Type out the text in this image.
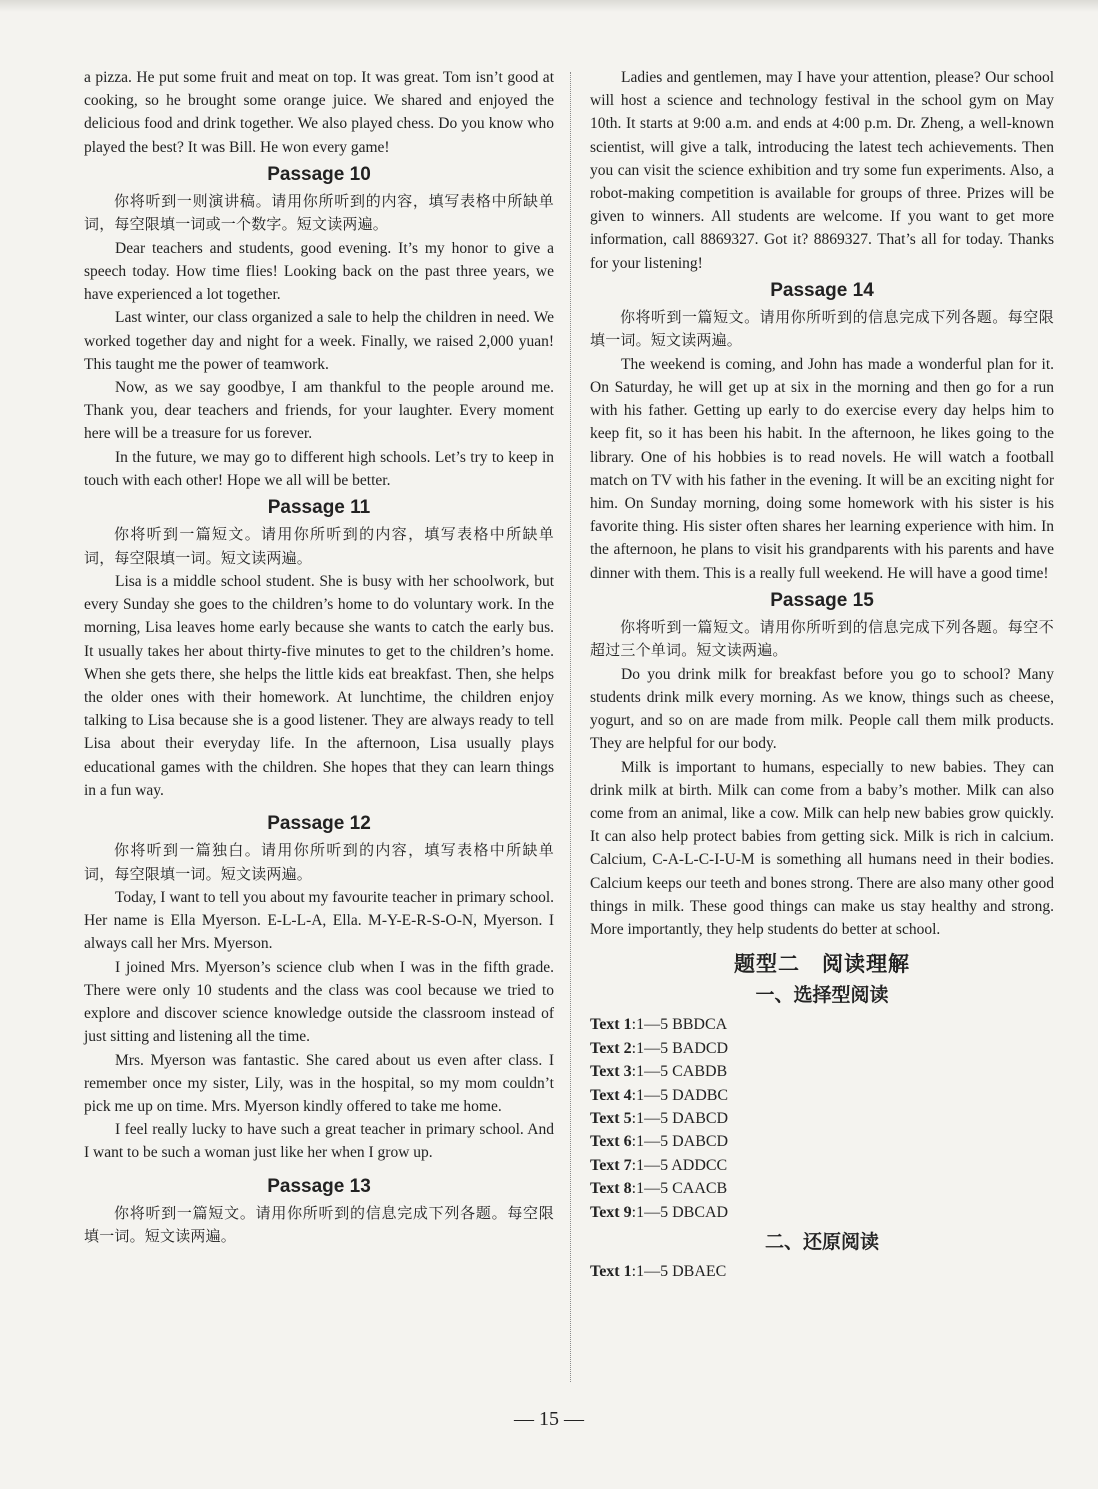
a pizza. He put some fruit and meat on top. It was great. Tom isn’t good at cooking, so he brought some orange juice. We shared and enjoyed the delicious food and drink together. We also played chess. Do you know who played the best? It was Bill. He won every game!

Passage 10

你将听到一则演讲稿。请用你所听到的内容，填写表格中所缺单词，每空限填一词或一个数字。短文读两遍。

Dear teachers and students, good evening. It’s my honor to give a speech today. How time flies! Looking back on the past three years, we have experienced a lot together.

Last winter, our class organized a sale to help the children in need. We worked together day and night for a week. Finally, we raised 2,000 yuan! This taught me the power of teamwork.

Now, as we say goodbye, I am thankful to the people around me. Thank you, dear teachers and friends, for your laughter. Every moment here will be a treasure for us forever.

In the future, we may go to different high schools. Let’s try to keep in touch with each other! Hope we all will be better.

Passage 11

你将听到一篇短文。请用你所听到的内容，填写表格中所缺单词，每空限填一词。短文读两遍。

Lisa is a middle school student. She is busy with her schoolwork, but every Sunday she goes to the children’s home to do voluntary work. In the morning, Lisa leaves home early because she wants to catch the early bus. It usually takes her about thirty-five minutes to get to the children’s home. When she gets there, she helps the little kids eat breakfast. Then, she helps the older ones with their homework. At lunchtime, the children enjoy talking to Lisa because she is a good listener. They are always ready to tell Lisa about their everyday life. In the afternoon, Lisa usually plays educational games with the children. She hopes that they can learn things in a fun way.

Passage 12

你将听到一篇独白。请用你所听到的内容，填写表格中所缺单词，每空限填一词。短文读两遍。

Today, I want to tell you about my favourite teacher in primary school. Her name is Ella Myerson. E-L-L-A, Ella. M-Y-E-R-S-O-N, Myerson. I always call her Mrs. Myerson.

I joined Mrs. Myerson’s science club when I was in the fifth grade. There were only 10 students and the class was cool because we tried to explore and discover science knowledge outside the classroom instead of just sitting and listening all the time.

Mrs. Myerson was fantastic. She cared about us even after class. I remember once my sister, Lily, was in the hospital, so my mom couldn’t pick me up on time. Mrs. Myerson kindly offered to take me home.

I feel really lucky to have such a great teacher in primary school. And I want to be such a woman just like her when I grow up.

Passage 13

你将听到一篇短文。请用你所听到的信息完成下列各题。每空限填一词。短文读两遍。

Ladies and gentlemen, may I have your attention, please? Our school will host a science and technology festival in the school gym on May 10th. It starts at 9:00 a.m. and ends at 4:00 p.m. Dr. Zheng, a well-known scientist, will give a talk, introducing the latest tech achievements. Then you can visit the science exhibition and try some fun experiments. Also, a robot-making competition is available for groups of three. Prizes will be given to winners. All students are welcome. If you want to get more information, call 8869327. Got it? 8869327. That’s all for today. Thanks for your listening!

Passage 14

你将听到一篇短文。请用你所听到的信息完成下列各题。每空限填一词。短文读两遍。

The weekend is coming, and John has made a wonderful plan for it. On Saturday, he will get up at six in the morning and then go for a run with his father. Getting up early to do exercise every day helps him to keep fit, so it has been his habit. In the afternoon, he likes going to the library. One of his hobbies is to read novels. He will watch a football match on TV with his father in the evening. It will be an exciting night for him. On Sunday morning, doing some homework with his sister is his favorite thing. His sister often shares her learning experience with him. In the afternoon, he plans to visit his grandparents with his parents and have dinner with them. This is a really full weekend. He will have a good time!

Passage 15

你将听到一篇短文。请用你所听到的信息完成下列各题。每空不超过三个单词。短文读两遍。

Do you drink milk for breakfast before you go to school? Many students drink milk every morning. As we know, things such as cheese, yogurt, and so on are made from milk. People call them milk products. They are helpful for our body.

Milk is important to humans, especially to new babies. They can drink milk at birth. Milk can come from a baby’s mother. Milk can also come from an animal, like a cow. Milk can help new babies grow quickly. It can also help protect babies from getting sick. Milk is rich in calcium. Calcium, C-A-L-C-I-U-M is something all humans need in their bodies. Calcium keeps our teeth and bones strong. There are also many other good things in milk. These good things can make us stay healthy and strong. More importantly, they help students do better at school.

题型二　阅读理解
一、选择型阅读
Text 1:1—5 BBDCA
Text 2:1—5 BADCD
Text 3:1—5 CABDB
Text 4:1—5 DADBC
Text 5:1—5 DABCD
Text 6:1—5 DABCD
Text 7:1—5 ADDCC
Text 8:1—5 CAACB
Text 9:1—5 DBCAD
二、还原阅读
Text 1:1—5 DBAEC
— 15 —
